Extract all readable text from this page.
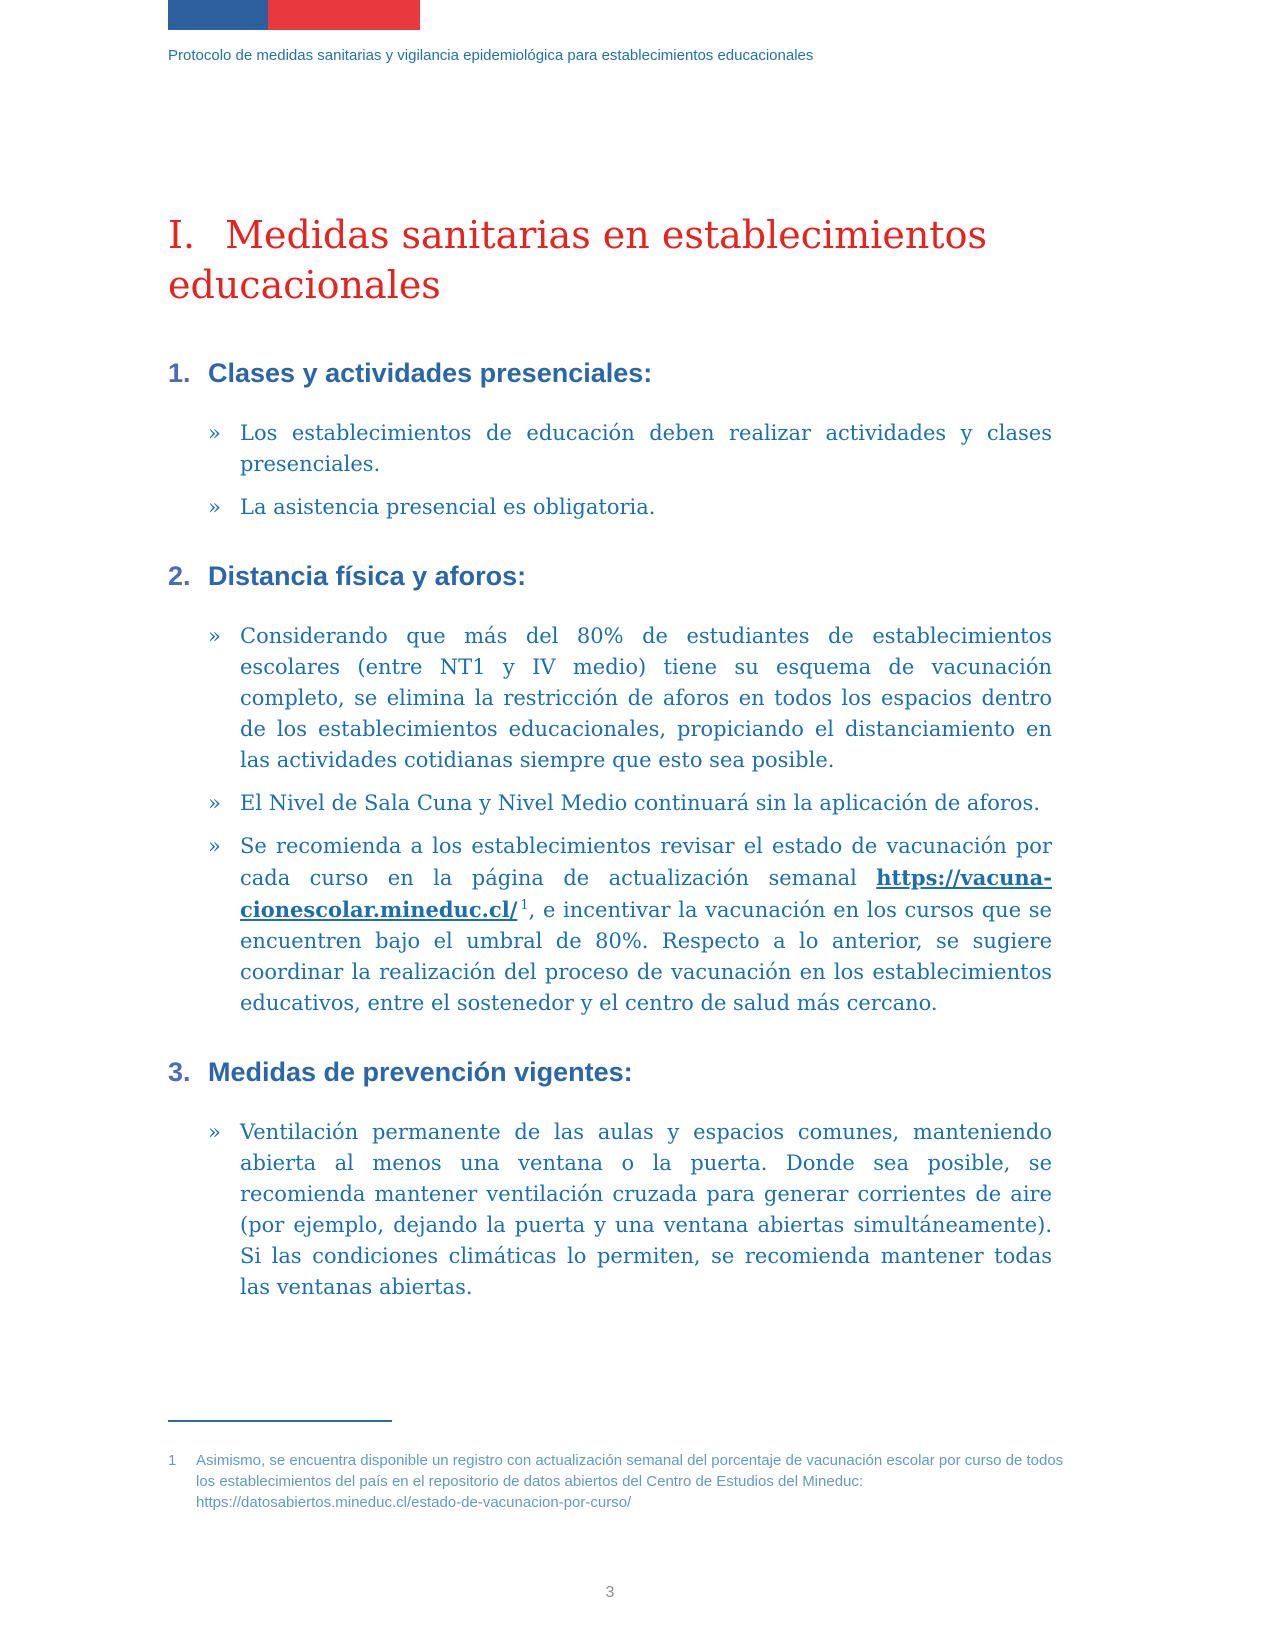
Protocolo de medidas sanitarias y vigilancia epidemiológica para establecimientos educacionales
I. Medidas sanitarias en establecimientos educacionales
1. Clases y actividades presenciales:
» Los establecimientos de educación deben realizar actividades y clases presenciales.

» La asistencia presencial es obligatoria.

2. Distancia física y aforos:
» Considerando que más del 80% de estudiantes de establecimientos escolares (entre NT1 y IV medio) tiene su esquema de vacunación completo, se elimina la restricción de aforos en todos los espacios dentro de los establecimientos educacionales, propiciando el distanciamiento en las actividades cotidianas siempre que esto sea posible.

» El Nivel de Sala Cuna y Nivel Medio continuará sin la aplicación de aforos.

» Se recomienda a los establecimientos revisar el estado de vacunación por cada curso en la página de actualización semanal https://vacuna-cionescolar.mineduc.cl/ $^1$, e incentivar la vacunación en los cursos que se encuentren bajo el umbral de 80%. Respecto a lo anterior, se sugiere coordinar la realización del proceso de vacunación en los establecimientos educativos, entre el sostenedor y el centro de salud más cercano.

3. Medidas de prevención vigentes:
» Ventilación permanente de las aulas y espacios comunes, manteniendo abierta al menos una ventana o la puerta. Donde sea posible, se recomienda mantener ventilación cruzada para generar corrientes de aire (por ejemplo, dejando la puerta y una ventana abiertas simultáneamente). Si las condiciones climáticas lo permiten, se recomienda mantener todas las ventanas abiertas.

1	Asimismo, se encuentra disponible un registro con actualización semanal del porcentaje de vacunación escolar por curso de todos los establecimientos del país en el repositorio de datos abiertos del Centro de Estudios del Mineduc: https://datosabiertos.mineduc.cl/estado-de-vacunacion-por-curso/

3
